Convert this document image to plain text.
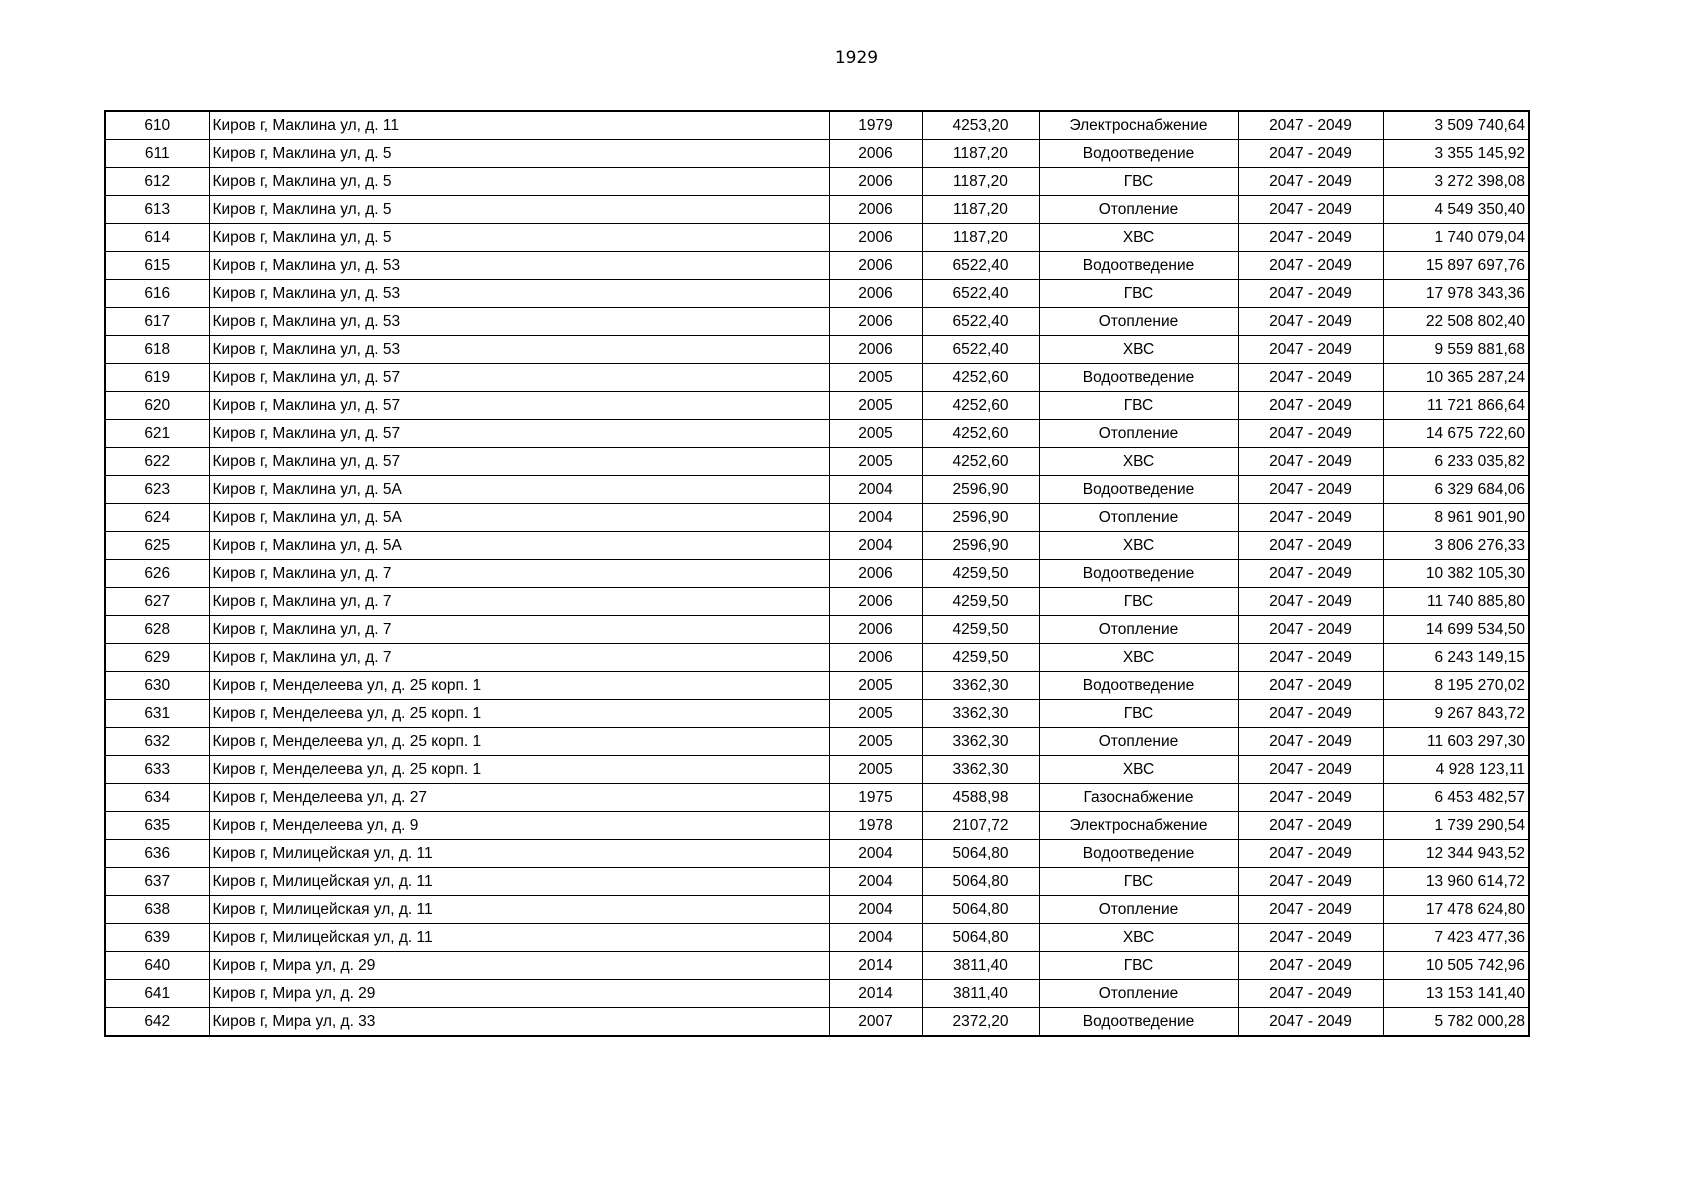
1929
610	Киров г, Маклина ул, д. 11	1979	4253,20	Электроснабжение	2047 - 2049	3 509 740,64
611	Киров г, Маклина ул, д. 5	2006	1187,20	Водоотведение	2047 - 2049	3 355 145,92
612	Киров г, Маклина ул, д. 5	2006	1187,20	ГВС	2047 - 2049	3 272 398,08
613	Киров г, Маклина ул, д. 5	2006	1187,20	Отопление	2047 - 2049	4 549 350,40
614	Киров г, Маклина ул, д. 5	2006	1187,20	ХВС	2047 - 2049	1 740 079,04
615	Киров г, Маклина ул, д. 53	2006	6522,40	Водоотведение	2047 - 2049	15 897 697,76
616	Киров г, Маклина ул, д. 53	2006	6522,40	ГВС	2047 - 2049	17 978 343,36
617	Киров г, Маклина ул, д. 53	2006	6522,40	Отопление	2047 - 2049	22 508 802,40
618	Киров г, Маклина ул, д. 53	2006	6522,40	ХВС	2047 - 2049	9 559 881,68
619	Киров г, Маклина ул, д. 57	2005	4252,60	Водоотведение	2047 - 2049	10 365 287,24
620	Киров г, Маклина ул, д. 57	2005	4252,60	ГВС	2047 - 2049	11 721 866,64
621	Киров г, Маклина ул, д. 57	2005	4252,60	Отопление	2047 - 2049	14 675 722,60
622	Киров г, Маклина ул, д. 57	2005	4252,60	ХВС	2047 - 2049	6 233 035,82
623	Киров г, Маклина ул, д. 5А	2004	2596,90	Водоотведение	2047 - 2049	6 329 684,06
624	Киров г, Маклина ул, д. 5А	2004	2596,90	Отопление	2047 - 2049	8 961 901,90
625	Киров г, Маклина ул, д. 5А	2004	2596,90	ХВС	2047 - 2049	3 806 276,33
626	Киров г, Маклина ул, д. 7	2006	4259,50	Водоотведение	2047 - 2049	10 382 105,30
627	Киров г, Маклина ул, д. 7	2006	4259,50	ГВС	2047 - 2049	11 740 885,80
628	Киров г, Маклина ул, д. 7	2006	4259,50	Отопление	2047 - 2049	14 699 534,50
629	Киров г, Маклина ул, д. 7	2006	4259,50	ХВС	2047 - 2049	6 243 149,15
630	Киров г, Менделеева ул, д. 25 корп. 1	2005	3362,30	Водоотведение	2047 - 2049	8 195 270,02
631	Киров г, Менделеева ул, д. 25 корп. 1	2005	3362,30	ГВС	2047 - 2049	9 267 843,72
632	Киров г, Менделеева ул, д. 25 корп. 1	2005	3362,30	Отопление	2047 - 2049	11 603 297,30
633	Киров г, Менделеева ул, д. 25 корп. 1	2005	3362,30	ХВС	2047 - 2049	4 928 123,11
634	Киров г, Менделеева ул, д. 27	1975	4588,98	Газоснабжение	2047 - 2049	6 453 482,57
635	Киров г, Менделеева ул, д. 9	1978	2107,72	Электроснабжение	2047 - 2049	1 739 290,54
636	Киров г, Милицейская ул, д. 11	2004	5064,80	Водоотведение	2047 - 2049	12 344 943,52
637	Киров г, Милицейская ул, д. 11	2004	5064,80	ГВС	2047 - 2049	13 960 614,72
638	Киров г, Милицейская ул, д. 11	2004	5064,80	Отопление	2047 - 2049	17 478 624,80
639	Киров г, Милицейская ул, д. 11	2004	5064,80	ХВС	2047 - 2049	7 423 477,36
640	Киров г, Мира ул, д. 29	2014	3811,40	ГВС	2047 - 2049	10 505 742,96
641	Киров г, Мира ул, д. 29	2014	3811,40	Отопление	2047 - 2049	13 153 141,40
642	Киров г, Мира ул, д. 33	2007	2372,20	Водоотведение	2047 - 2049	5 782 000,28
